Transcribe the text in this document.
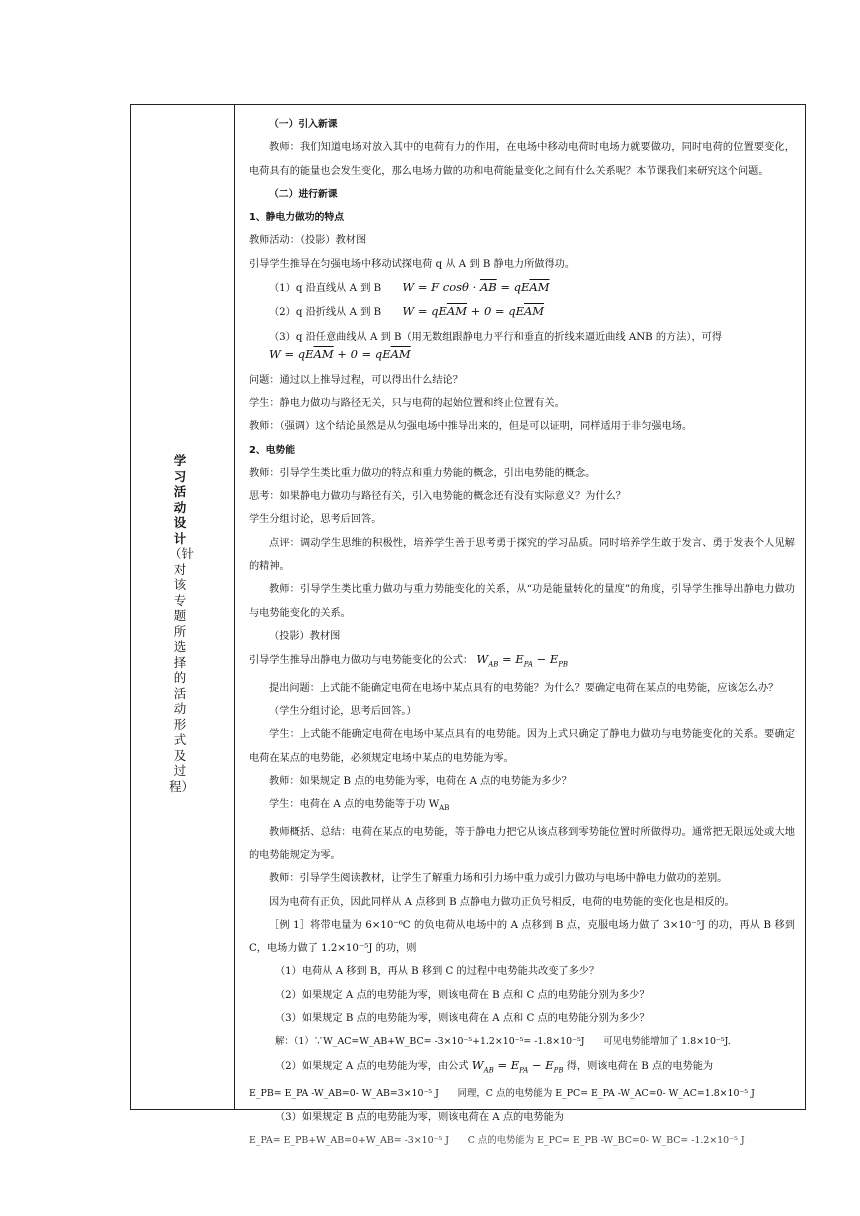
学习活动设计
（针对该专题所选择的活动形式及过程）

（一）引入新课

教师：我们知道电场对放入其中的电荷有力的作用，在电场中移动电荷时电场力就要做功，同时电荷的位置要变化，电荷具有的能量也会发生变化，那么电场力做的功和电荷能量变化之间有什么关系呢？本节课我们来研究这个问题。

（二）进行新课

1、静电力做功的特点

教师活动：（投影）教材图

引导学生推导在匀强电场中移动试探电荷 q 从 A 到 B 静电力所做得功。

（1）q 沿直线从 A 到 B W = F $\cos\theta \cdot \overline{AB} = qE\overline{AM}$

（2）q 沿折线从 A 到 B $W = qE\overline{AM} + 0 = qE\overline{AM}$

（3）q 沿任意曲线从 A 到 B（用无数组跟静电力平行和垂直的折线来逼近曲线 ANB 的方法），可得
$W = qE\overline{AM} + 0 = qE\overline{AM}$

问题：通过以上推导过程，可以得出什么结论？

学生：静电力做功与路径无关，只与电荷的起始位置和终止位置有关。

教师：（强调）这个结论虽然是从匀强电场中推导出来的，但是可以证明，同样适用于非匀强电场。

2、电势能

教师：引导学生类比重力做功的特点和重力势能的概念，引出电势能的概念。

思考：如果静电力做功与路径有关，引入电势能的概念还有没有实际意义？为什么？

学生分组讨论，思考后回答。

点评：调动学生思维的积极性，培养学生善于思考勇于探究的学习品质。同时培养学生敢于发言、勇于发表个人见解的精神。

教师：引导学生类比重力做功与重力势能变化的关系，从“功是能量转化的量度”的角度，引导学生推导出静电力做功与电势能变化的关系。

（投影）教材图

引导学生推导出静电力做功与电势能变化的公式： $W_{AB} = E_{PA} - E_{PB}$

提出问题：上式能不能确定电荷在电场中某点具有的电势能？为什么？要确定电荷在某点的电势能，应该怎么办？

（学生分组讨论，思考后回答。）

学生：上式能不能确定电荷在电场中某点具有的电势能。因为上式只确定了静电力做功与电势能变化的关系。要确定电荷在某点的电势能，必须规定电场中某点的电势能为零。

教师：如果规定 B 点的电势能为零，电荷在 A 点的电势能为多少？

学生：电荷在 A 点的电势能等于功 $W_{AB}$

教师概括、总结：电荷在某点的电势能，等于静电力把它从该点移到零势能位置时所做得功。通常把无限远处或大地的电势能规定为零。

教师：引导学生阅读教材，让学生了解重力场和引力场中重力或引力做功与电场中静电力做功的差别。

因为电荷有正负，因此同样从 A 点移到 B 点静电力做功正负号相反，电荷的电势能的变化也是相反的。

［例 1］将带电量为 6×10⁻⁶C 的负电荷从电场中的 A 点移到 B 点，克服电场力做了 3×10⁻⁵J 的功，再从 B 移到 C，电场力做了 1.2×10⁻⁵J 的功，则

（1）电荷从 A 移到 B，再从 B 移到 C 的过程中电势能共改变了多少？

（2）如果规定 A 点的电势能为零，则该电荷在 B 点和 C 点的电势能分别为多少？

（3）如果规定 B 点的电势能为零，则该电荷在 A 点和 C 点的电势能分别为多少？

解：（1）∵W_AC=W_AB+W_BC= -3×10⁻⁵+1.2×10⁻⁵= -1.8×10⁻⁵J　　可见电势能增加了 1.8×10⁻⁵J.

（2）如果规定 A 点的电势能为零，由公式 $W_{AB} = E_{PA} - E_{PB}$ 得，则该电荷在 B 点的电势能为

E_PB= E_PA -W_AB=0- W_AB=3×10⁻⁵ J　　同理，C 点的电势能为 E_PC= E_PA -W_AC=0- W_AC=1.8×10⁻⁵ J

（3）如果规定 B 点的电势能为零，则该电荷在 A 点的电势能为

E_PA= E_PB+W_AB=0+W_AB= -3×10⁻⁵ J　　C 点的电势能为 E_PC= E_PB -W_BC=0- W_BC= -1.2×10⁻⁵ J
